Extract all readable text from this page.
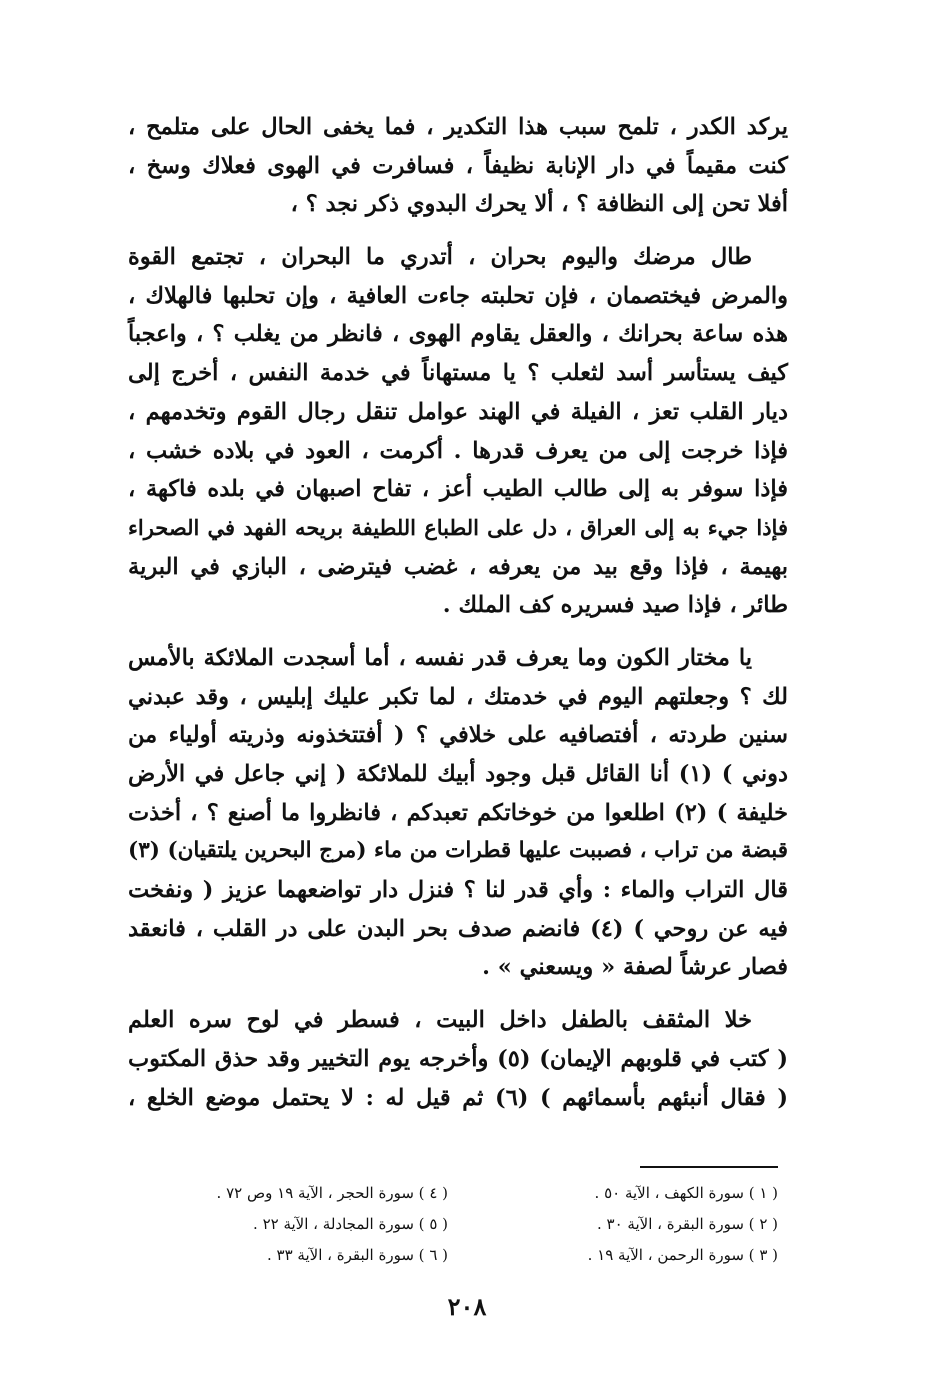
يركد الكدر ، تلمح سبب هذا التكدير ، فما يخفى الحال على متلمح ،
كنت مقيماً في دار الإنابة نظيفاً ، فسافرت في الهوى فعلاك وسخ ،
أفلا تحن إلى النظافة ؟ ، ألا يحرك البدوي ذكر نجد ؟ ،
طال مرضك واليوم بحران ، أتدري ما البحران ، تجتمع القوة
والمرض فيختصمان ، فإن تحلبته جاءت العافية ، وإن تحلبها فالهلاك ،
هذه ساعة بحرانك ، والعقل يقاوم الهوى ، فانظر من يغلب ؟ ، واعجباً
كيف يستأسر أسد لثعلب ؟ يا مستهاناً في خدمة النفس ، أخرج إلى
ديار القلب تعز ، الفيلة في الهند عوامل تنقل رجال القوم وتخدمهم ،
فإذا خرجت إلى من يعرف قدرها . أكرمت ، العود في بلاده خشب ،
فإذا سوفر به إلى طالب الطيب أعز ، تفاح اصبهان في بلده فاكهة ،
فإذا جيء به إلى العراق ، دل على الطباع اللطيفة بريحه الفهد في الصحراء
بهيمة ، فإذا وقع بيد من يعرفه ، غضب فيترضى ، البازي في البرية
طائر ، فإذا صيد فسريره كف الملك .
يا مختار الكون وما يعرف قدر نفسه ، أما أسجدت الملائكة بالأمس
لك ؟ وجعلتهم اليوم في خدمتك ، لما تكبر عليك إبليس ، وقد عبدني
سنين طردته ، أفتصافيه على خلافي ؟ ( أفتتخذونه وذريته أولياء من
دوني ) (١) أنا القائل قبل وجود أبيك للملائكة ( إني جاعل في الأرض
خليفة ) (٢) اطلعوا من خوخاتكم تعبدكم ، فانظروا ما أصنع ؟ ، أخذت
قبضة من تراب ، فصببت عليها قطرات من ماء (مرج البحرين يلتقيان) (٣)
قال التراب والماء : وأي قدر لنا ؟ فنزل دار تواضعهما عزيز ( ونفخت
فيه عن روحي ) (٤) فانضم صدف بحر البدن على در القلب ، فانعقد
فصار عرشاً لصفة « ويسعني » .
خلا المثقف بالطفل داخل البيت ، فسطر في لوح سره العلم
( كتب في قلوبهم الإيمان) (٥) وأخرجه يوم التخيير وقد حذق المكتوب
( فقال أنبئهم بأسمائهم ) (٦) ثم قيل له : لا يحتمل موضع الخلع ،
( ١ ) سورة الكهف ، الآية ٥٠ .
( ٢ ) سورة البقرة ، الآية ٣٠ .
( ٣ ) سورة الرحمن ، الآية ١٩ .
( ٤ ) سورة الحجر ، الآية ١٩ وص ٧٢ .
( ٥ ) سورة المجادلة ، الآية ٢٢ .
( ٦ ) سورة البقرة ، الآية ٣٣ .
٢٠٨
